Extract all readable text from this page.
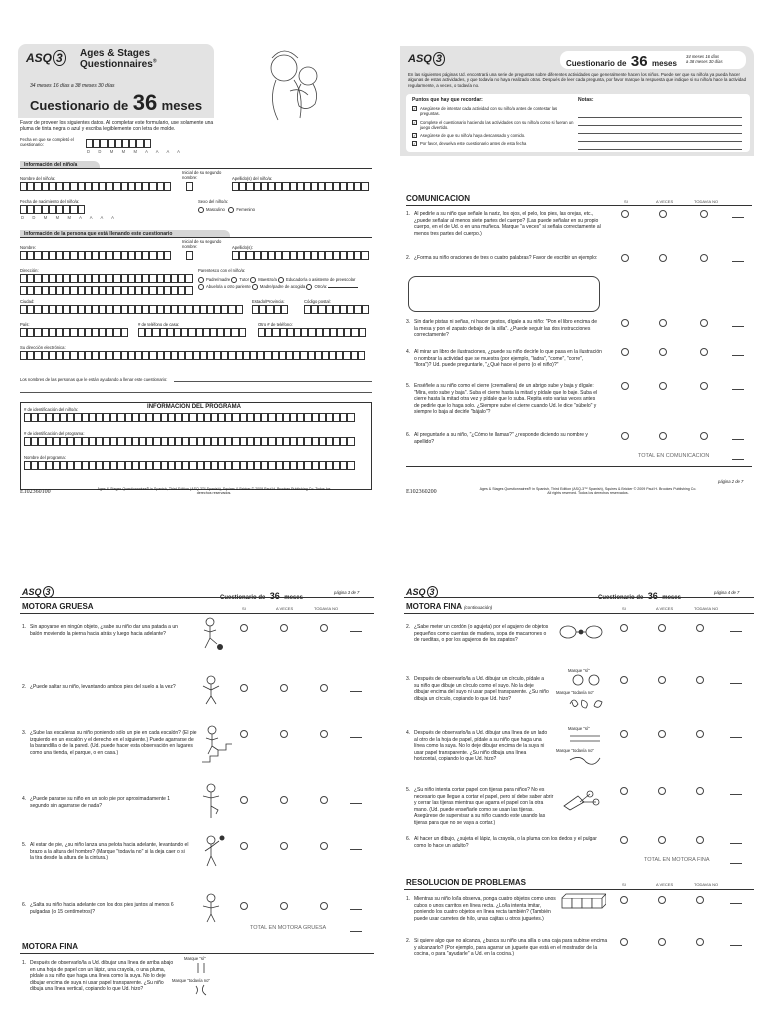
ASQ 3	Ages & Stages
Questionnaires®
34 meses 16 días a 38 meses 30 días
Cuestionario de 36 meses
Favor de proveer los siguientes datos. Al completar este formulario, use solamente una pluma de tinta negra o azul y escriba legiblemente con letra de molde.
Fecha en que se completó el cuestionario:
D D M M M A A A A
Información del niño/a
Nombre del niño/a:
Inicial de su segundo nombre:	Apellido(s) del niño/a:
Fecha de nacimiento del niño/a:	Sexo del niño/a:
D D M M M A A A A
Masculino	Femenino
Información de la persona que está llenando este cuestionario
Nombre:
Inicial de su segundo nombre:	Apellido(s):
Dirección:	Parentesco con el niño/a:
Padre/madre Tutor Maestro/a Educador/a o asistente de preescolar
Abuelo/a u otro pariente Madre/padre de acogida Otro/a:
Ciudad:	Estado/Provincia:	Código postal:
País:	# de teléfono de casa:	Otro # de teléfono:
Su dirección electrónica:
Los nombres de las personas que le están ayudando a llenar este cuestionario:
INFORMACION DEL PROGRAMA
# de identificación del niño/a:
# de identificación del programa:
Nombre del programa:
E102360100	Ages & Stages Questionnaires® in Spanish, Third Edition (ASQ-3™ Spanish), Squires & Bricker © 2009 Paul H. Brookes Publishing Co. Todos los derechos reservados.
ASQ 3	Cuestionario de 36 meses
34 meses 16 días
a 38 meses 30 días
En las siguientes páginas Ud. encontrará una serie de preguntas sobre diferentes actividades que generalmente hacen los niños. Puede ser que su niño/a ya pueda hacer algunas de estas actividades, y que todavía no haya realizado otras. Después de leer cada pregunta, por favor marque la respuesta que indique si su niño/a hace la actividad regularmente, a veces, o todavía no.
Puntos que hay que recordar:	Notas:
✓ Asegúrese de intentar cada actividad con su niño/a antes de contestar las preguntas.
✓ Complete el cuestionario haciendo las actividades con su niño/a como si fueran un juego divertido.
✓ Asegúrese de que su niño/a haya descansado y comido.
✓ Por favor, devuelva este cuestionario antes de esta fecha
COMUNICACION	SI	A VECES	TODAVIA NO
1. Al pedirle a su niño que señale la nariz, los ojos, el pelo, los pies, las orejas, etc., ¿puede señalar al menos siete partes del cuerpo? (Las puede señalar en su propio cuerpo, en el de Ud. o en una muñeca. Marque "a veces" si señala correctamente al menos tres partes del cuerpo.)
2. ¿Forma su niño oraciones de tres o cuatro palabras? Favor de escribir un ejemplo:
3. Sin darle pistas ni señas, ni hacer gestos, dígale a su niño: "Pon el libro encima de la mesa y pon el zapato debajo de la silla". ¿Puede seguir las dos instrucciones correctamente?
4. Al mirar un libro de ilustraciones, ¿puede su niño decirle lo que pasa en la ilustración o nombrar la actividad que se muestra (por ejemplo, "ladra", "come", "corre", "llora")? Ud. puede preguntarle, "¿Qué hace el perro (o el niño)?"
5. Enséñele a su niño como el cierre (cremallera) de un abrigo sube y baja y dígale: "Mira, esto sube y baja". Suba el cierre hasta la mitad y pídale que lo baje. Suba el cierre hasta la mitad otra vez y pídale que lo suba. Repita esto varias veces antes de pedirle que lo haga solo. ¿Siempre sube el cierre cuando Ud. le dice "súbelo" y siempre lo baja al decirle "bájalo"?
6. Al preguntarle a su niño, "¿Cómo te llamas?" ¿responde diciendo su nombre y apellido?
TOTAL EN COMUNICACION
página 2 de 7
E102360200	Ages & Stages Questionnaires® in Spanish, Third Edition (ASQ-3™ Spanish), Squires & Bricker © 2009 Paul H. Brookes Publishing Co. All rights reserved. Todos los derechos reservados.
ASQ 3
Cuestionario de 36 meses
página 3 de 7
MOTORA GRUESA	SI	A VECES	TODAVIA NO
1. Sin apoyarse en ningún objeto, ¿sabe su niño dar una patada a un balón moviendo la pierna hacia atrás y luego hacia adelante?
2. ¿Puede saltar su niño, levantando ambos pies del suelo a la vez?
3. ¿Sube las escaleras su niño poniendo sólo un pie en cada escalón? (El pie izquierdo en un escalón y el derecho en el siguiente.) Puede agarrarse de la barandilla o de la pared. (Ud. puede hacer esta observación en lugares como una tienda, el parque, o en casa.)
4. ¿Puede pararse su niño en un solo pie por aproximadamente 1 segundo sin agarrarse de nada?
5. Al estar de pie, ¿su niño lanza una pelota hacia adelante, levantando el brazo a la altura del hombro? (Marque "todavía no" si la deja caer o si la tira desde la altura de la cintura.)
6. ¿Salta su niño hacia adelante con los dos pies juntos al menos 6 pulgadas (o 15 centímetros)?
TOTAL EN MOTORA GRUESA
MOTORA FINA
1. Después de observarlo/la a Ud. dibujar una línea de arriba abajo en una hoja de papel con un lápiz, una crayola, o una pluma, pídale a su niño que haga una línea como la suya. No lo deje dibujar encima de suya ni usar papel transparente. ¿Su niño dibuja una línea vertical, copiando lo que Ud. hizo?
Marque "sí"
Marque "todavía no"
ASQ 3
Cuestionario de 36 meses
página 4 de 7
MOTORA FINA (continuación)	SI	A VECES	TODAVIA NO
2. ¿Sabe meter un cordón (o agujeta) por el agujero de objetos pequeños como cuentas de madera, sopa de macarrones o de rueditas, o por los agujeros de los zapatos?
3. Después de observarlo/la a Ud. dibujar un círculo, pídale a su niño que dibuje un círculo como el suyo. No la deje dibujar encima del suyo ni usar papel transparente. ¿Su niño dibuja un círculo, copiando lo que Ud. hizo?
Marque "sí"
Marque "todavía no"
4. Después de observarlo/la a Ud. dibujar una línea de un lado al otro de la hoja de papel, pídale a su niño que haga una línea como la suya. No lo deje dibujar encima de la suya ni usar papel transparente. ¿Su niño dibuja una línea horizontal, copiando lo que Ud. hizo?
Marque "sí"
Marque "todavía no"
5. ¿Su niño intenta cortar papel con tijeras para niños? No es necesario que llegue a cortar el papel, pero sí debe saber abrir y cerrar las tijeras mientras que agarra el papel con la otra mano. (Ud. puede enseñarle como se usan las tijeras. Asegúrese de supervisar a su niño cuando este usando las tijeras para que no se vaya a cortar.)
6. Al hacer un dibujo, ¿sujeta el lápiz, la crayola, o la pluma con los dedos y el pulgar como lo hace un adulto?
TOTAL EN MOTORA FINA
RESOLUCION DE PROBLEMAS	SI	A VECES	TODAVIA NO
1. Mientras su niño lo/la observa, ponga cuatro objetos como unos cubos o unos carritos en línea recta. ¿Lo/la intenta imitar, poniendo los cuatro objetos en línea recta también? (También puede usar carretes de hilo, unas cajitas u otros juguetes.)
2. Si quiere algo que no alcanza, ¿busca su niño una silla o una caja para subirse encima y alcanzarlo? (Por ejemplo, para agarrar un juguete que está en el mostrador de la cocina, o para "ayudarle" a Ud. en la cocina.)
